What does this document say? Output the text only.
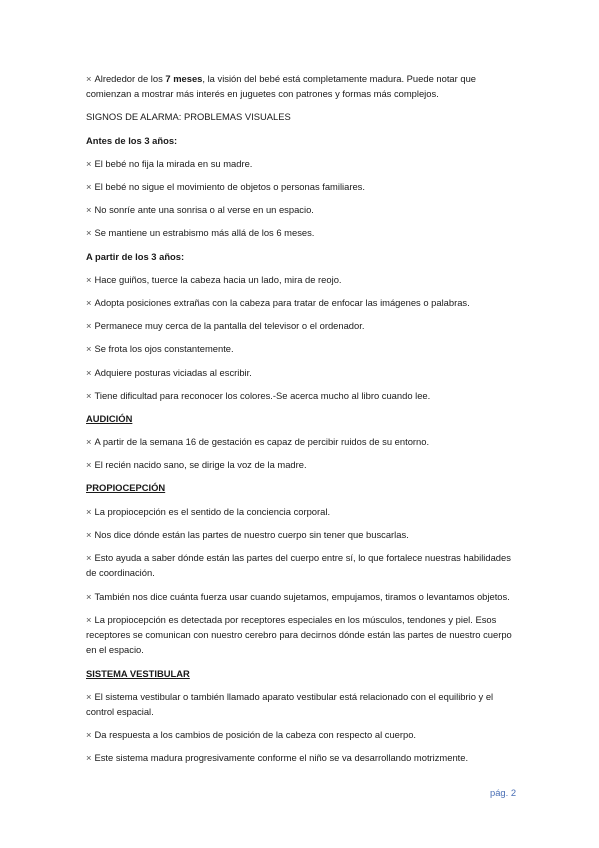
× Alrededor de los 7 meses, la visión del bebé está completamente madura. Puede notar que comienzan a mostrar más interés en juguetes con patrones y formas más complejos.

SIGNOS DE ALARMA: PROBLEMAS VISUALES

Antes de los 3 años:

× El bebé no fija la mirada en su madre.

× El bebé no sigue el movimiento de objetos o personas familiares.

× No sonríe ante una sonrisa o al verse en un espacio.

× Se mantiene un estrabismo más allá de los 6 meses.

A partir de los 3 años:

× Hace guiños, tuerce la cabeza hacia un lado, mira de reojo.

× Adopta posiciones extrañas con la cabeza para tratar de enfocar las imágenes o palabras.

× Permanece muy cerca de la pantalla del televisor o el ordenador.

× Se frota los ojos constantemente.

× Adquiere posturas viciadas al escribir.

× Tiene dificultad para reconocer los colores.-Se acerca mucho al libro cuando lee.

AUDICIÓN

× A partir de la semana 16 de gestación es capaz de percibir ruidos de su entorno.

× El recién nacido sano, se dirige la voz de la madre.

PROPIOCEPCIÓN

× La propiocepción es el sentido de la conciencia corporal.

× Nos dice dónde están las partes de nuestro cuerpo sin tener que buscarlas.

× Esto ayuda a saber dónde están las partes del cuerpo entre sí, lo que fortalece nuestras habilidades de coordinación.

× También nos dice cuánta fuerza usar cuando sujetamos, empujamos, tiramos o levantamos objetos.

× La propiocepción es detectada por receptores especiales en los músculos, tendones y piel. Esos receptores se comunican con nuestro cerebro para decirnos dónde están las partes de nuestro cuerpo en el espacio.

SISTEMA VESTIBULAR

× El sistema vestibular o también llamado aparato vestibular está relacionado con el equilibrio y el control espacial.

× Da respuesta a los cambios de posición de la cabeza con respecto al cuerpo.

× Este sistema madura progresivamente conforme el niño se va desarrollando motrizmente.

pág. 2
